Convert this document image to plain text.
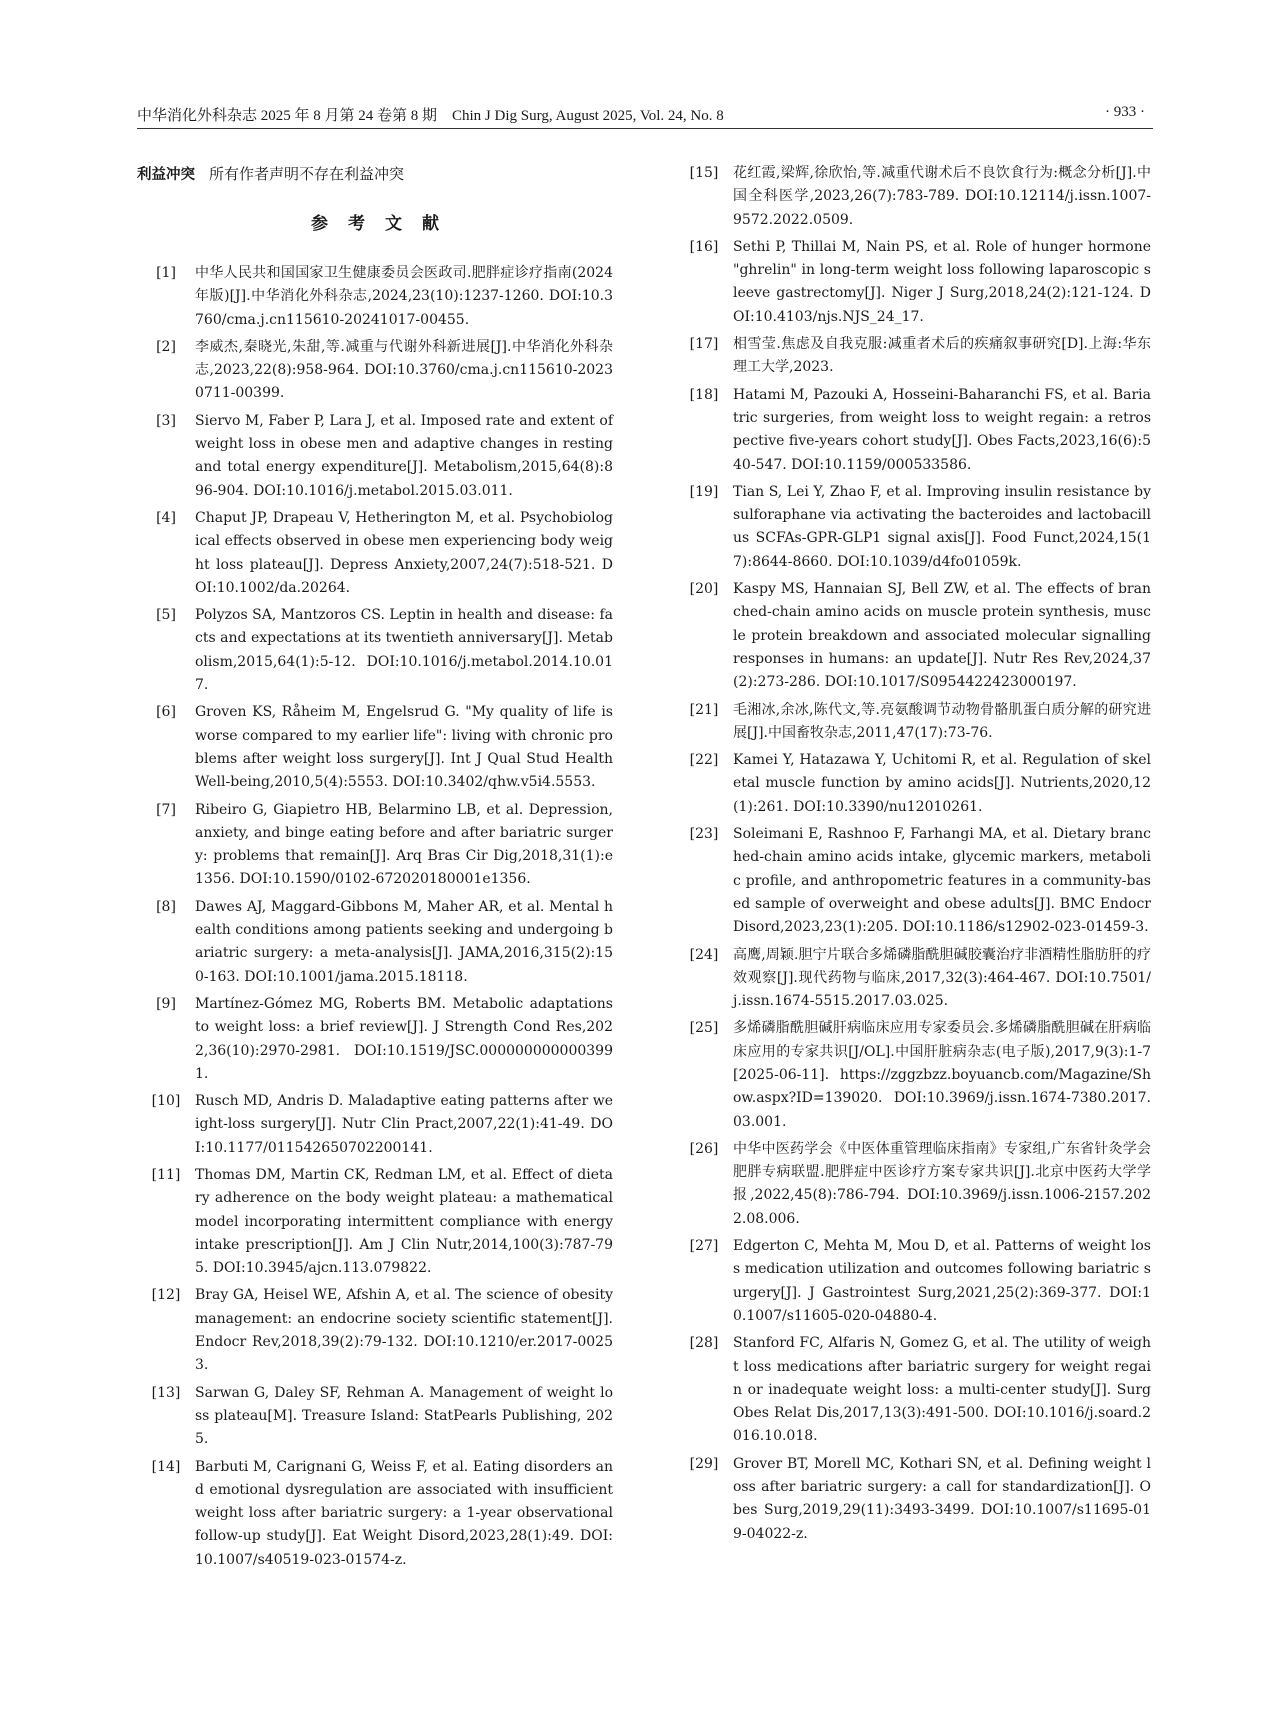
中华消化外科杂志 2025 年 8 月第 24 卷第 8 期　Chin J Dig Surg, August 2025, Vol. 24, No. 8	· 933 ·
利益冲突 所有作者声明不存在利益冲突
参考文献
[1]	中华人民共和国国家卫生健康委员会医政司.肥胖症诊疗指南(2024年版)[J].中华消化外科杂志,2024,23(10):1237-1260. DOI:10.3760/cma.j.cn115610-20241017-00455.
[2]	李威杰,秦晓光,朱甜,等.减重与代谢外科新进展[J].中华消化外科杂志,2023,22(8):958-964. DOI:10.3760/cma.j.cn115610-20230711-00399.
[3]	Siervo M, Faber P, Lara J, et al. Imposed rate and extent of weight loss in obese men and adaptive changes in resting and total energy expenditure[J]. Metabolism,2015,64(8):896-904. DOI:10.1016/j.metabol.2015.03.011.
[4]	Chaput JP, Drapeau V, Hetherington M, et al. Psychobiological effects observed in obese men experiencing body weight loss plateau[J]. Depress Anxiety,2007,24(7):518-521. DOI:10.1002/da.20264.
[5]	Polyzos SA, Mantzoros CS. Leptin in health and disease: facts and expectations at its twentieth anniversary[J]. Metabolism,2015,64(1):5-12. DOI:10.1016/j.metabol.2014.10.017.
[6]	Groven KS, Råheim M, Engelsrud G. "My quality of life is worse compared to my earlier life": living with chronic problems after weight loss surgery[J]. Int J Qual Stud Health Well-being,2010,5(4):5553. DOI:10.3402/qhw.v5i4.5553.
[7]	Ribeiro G, Giapietro HB, Belarmino LB, et al. Depression, anxiety, and binge eating before and after bariatric surgery: problems that remain[J]. Arq Bras Cir Dig,2018,31(1):e1356. DOI:10.1590/0102-672020180001e1356.
[8]	Dawes AJ, Maggard-Gibbons M, Maher AR, et al. Mental health conditions among patients seeking and undergoing bariatric surgery: a meta-analysis[J]. JAMA,2016,315(2):150-163. DOI:10.1001/jama.2015.18118.
[9]	Martínez-Gómez MG, Roberts BM. Metabolic adaptations to weight loss: a brief review[J]. J Strength Cond Res,2022,36(10):2970-2981. DOI:10.1519/JSC.0000000000003991.
[10]	Rusch MD, Andris D. Maladaptive eating patterns after weight-loss surgery[J]. Nutr Clin Pract,2007,22(1):41-49. DOI:10.1177/011542650702200141.
[11]	Thomas DM, Martin CK, Redman LM, et al. Effect of dietary adherence on the body weight plateau: a mathematical model incorporating intermittent compliance with energy intake prescription[J]. Am J Clin Nutr,2014,100(3):787-795. DOI:10.3945/ajcn.113.079822.
[12]	Bray GA, Heisel WE, Afshin A, et al. The science of obesity management: an endocrine society scientific statement[J]. Endocr Rev,2018,39(2):79-132. DOI:10.1210/er.2017-00253.
[13]	Sarwan G, Daley SF, Rehman A. Management of weight loss plateau[M]. Treasure Island: StatPearls Publishing, 2025.
[14]	Barbuti M, Carignani G, Weiss F, et al. Eating disorders and emotional dysregulation are associated with insufficient weight loss after bariatric surgery: a 1-year observational follow-up study[J]. Eat Weight Disord,2023,28(1):49. DOI:10.1007/s40519-023-01574-z.
[15]	花红霞,梁辉,徐欣怡,等.减重代谢术后不良饮食行为:概念分析[J].中国全科医学,2023,26(7):783-789. DOI:10.12114/j.issn.1007-9572.2022.0509.
[16]	Sethi P, Thillai M, Nain PS, et al. Role of hunger hormone "ghrelin" in long-term weight loss following laparoscopic sleeve gastrectomy[J]. Niger J Surg,2018,24(2):121-124. DOI:10.4103/njs.NJS_24_17.
[17]	相雪莹.焦虑及自我克服:减重者术后的疾痛叙事研究[D].上海:华东理工大学,2023.
[18]	Hatami M, Pazouki A, Hosseini-Baharanchi FS, et al. Bariatric surgeries, from weight loss to weight regain: a retrospective five-years cohort study[J]. Obes Facts,2023,16(6):540-547. DOI:10.1159/000533586.
[19]	Tian S, Lei Y, Zhao F, et al. Improving insulin resistance by sulforaphane via activating the bacteroides and lactobacillus SCFAs-GPR-GLP1 signal axis[J]. Food Funct,2024,15(17):8644-8660. DOI:10.1039/d4fo01059k.
[20]	Kaspy MS, Hannaian SJ, Bell ZW, et al. The effects of branched-chain amino acids on muscle protein synthesis, muscle protein breakdown and associated molecular signalling responses in humans: an update[J]. Nutr Res Rev,2024,37(2):273-286. DOI:10.1017/S0954422423000197.
[21]	毛湘冰,余冰,陈代文,等.亮氨酸调节动物骨骼肌蛋白质分解的研究进展[J].中国畜牧杂志,2011,47(17):73-76.
[22]	Kamei Y, Hatazawa Y, Uchitomi R, et al. Regulation of skeletal muscle function by amino acids[J]. Nutrients,2020,12(1):261. DOI:10.3390/nu12010261.
[23]	Soleimani E, Rashnoo F, Farhangi MA, et al. Dietary branched-chain amino acids intake, glycemic markers, metabolic profile, and anthropometric features in a community-based sample of overweight and obese adults[J]. BMC Endocr Disord,2023,23(1):205. DOI:10.1186/s12902-023-01459-3.
[24]	高鹰,周颖.胆宁片联合多烯磷脂酰胆碱胶囊治疗非酒精性脂肪肝的疗效观察[J].现代药物与临床,2017,32(3):464-467. DOI:10.7501/j.issn.1674-5515.2017.03.025.
[25]	多烯磷脂酰胆碱肝病临床应用专家委员会.多烯磷脂酰胆碱在肝病临床应用的专家共识[J/OL].中国肝脏病杂志(电子版),2017,9(3):1-7[2025-06-11]. https://zggzbzz.boyuancb.com/Magazine/Show.aspx?ID=139020. DOI:10.3969/j.issn.1674-7380.2017.03.001.
[26]	中华中医药学会《中医体重管理临床指南》专家组,广东省针灸学会肥胖专病联盟.肥胖症中医诊疗方案专家共识[J].北京中医药大学学报,2022,45(8):786-794. DOI:10.3969/j.issn.1006-2157.2022.08.006.
[27]	Edgerton C, Mehta M, Mou D, et al. Patterns of weight loss medication utilization and outcomes following bariatric surgery[J]. J Gastrointest Surg,2021,25(2):369-377. DOI:10.1007/s11605-020-04880-4.
[28]	Stanford FC, Alfaris N, Gomez G, et al. The utility of weight loss medications after bariatric surgery for weight regain or inadequate weight loss: a multi-center study[J]. Surg Obes Relat Dis,2017,13(3):491-500. DOI:10.1016/j.soard.2016.10.018.
[29]	Grover BT, Morell MC, Kothari SN, et al. Defining weight loss after bariatric surgery: a call for standardization[J]. Obes Surg,2019,29(11):3493-3499. DOI:10.1007/s11695-019-04022-z.
